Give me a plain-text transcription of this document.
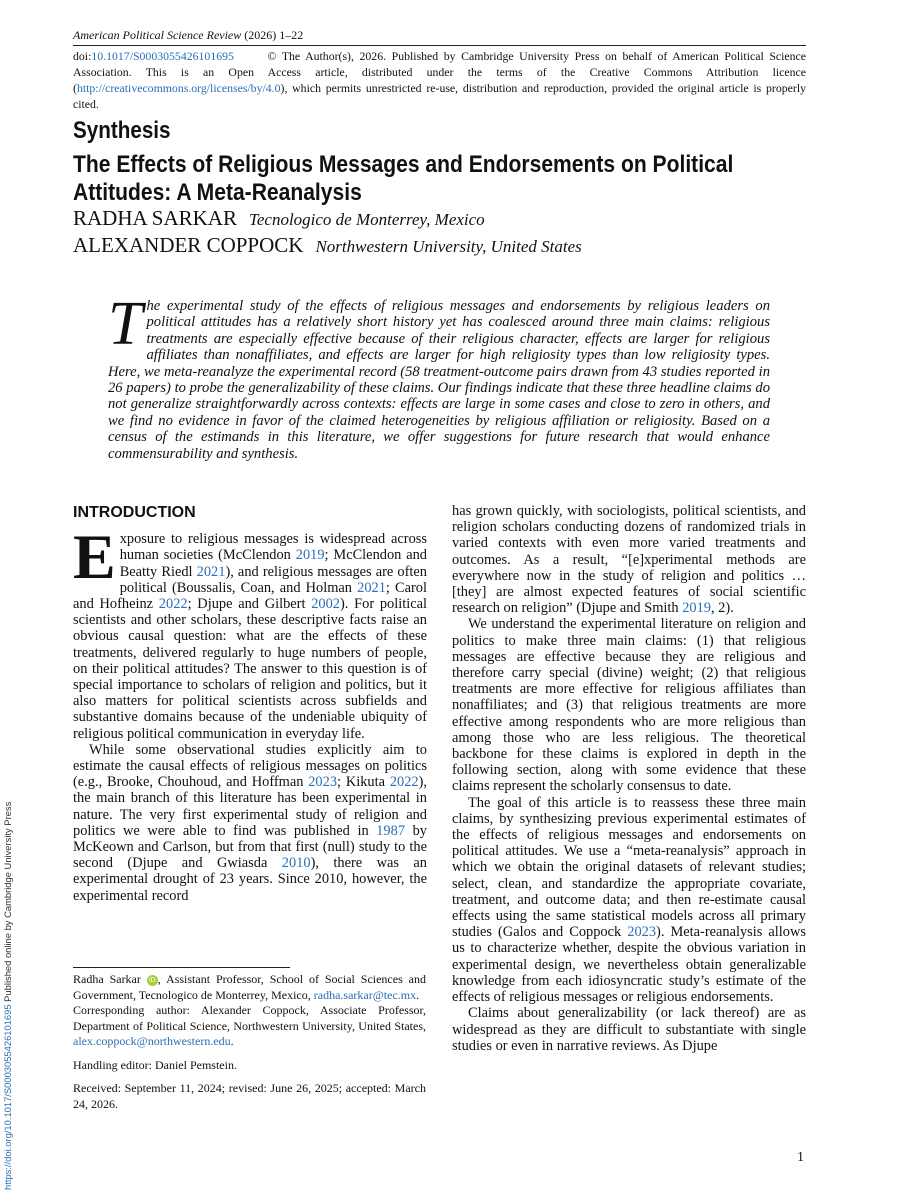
American Political Science Review (2026) 1–22
doi:10.1017/S0003055426101695      © The Author(s), 2026. Published by Cambridge University Press on behalf of American Political Science Association. This is an Open Access article, distributed under the terms of the Creative Commons Attribution licence (http://creativecommons.org/licenses/by/4.0), which permits unrestricted re-use, distribution and reproduction, provided the original article is properly cited.
Synthesis
The Effects of Religious Messages and Endorsements on Political Attitudes: A Meta-Reanalysis
RADHA SARKAR Tecnologico de Monterrey, Mexico
ALEXANDER COPPOCK Northwestern University, United States
The experimental study of the effects of religious messages and endorsements by religious leaders on political attitudes has a relatively short history yet has coalesced around three main claims: religious treatments are especially effective because of their religious character, effects are larger for religious affiliates than nonaffiliates, and effects are larger for high religiosity types than low religiosity types. Here, we meta-reanalyze the experimental record (58 treatment-outcome pairs drawn from 43 studies reported in 26 papers) to probe the generalizability of these claims. Our findings indicate that these three headline claims do not generalize straightforwardly across contexts: effects are large in some cases and close to zero in others, and we find no evidence in favor of the claimed heterogeneities by religious affiliation or religiosity. Based on a census of the estimands in this literature, we offer suggestions for future research that would enhance commensurability and synthesis.
INTRODUCTION

Exposure to religious messages is widespread across human societies (McClendon 2019; McClendon and Beatty Riedl 2021), and religious messages are often political (Boussalis, Coan, and Holman 2021; Carol and Hofheinz 2022; Djupe and Gilbert 2002). For political scientists and other scholars, these descriptive facts raise an obvious causal question: what are the effects of these treatments, delivered regularly to huge numbers of people, on their political attitudes? The answer to this question is of special importance to scholars of religion and politics, but it also matters for political scientists across subfields and substantive domains because of the undeniable ubiquity of religious political communication in everyday life.

While some observational studies explicitly aim to estimate the causal effects of religious messages on politics (e.g., Brooke, Chouhoud, and Hoffman 2023; Kikuta 2022), the main branch of this literature has been experimental in nature. The very first experimental study of religion and politics we were able to find was published in 1987 by McKeown and Carlson, but from that first (null) study to the second (Djupe and Gwiasda 2010), there was an experimental drought of 23 years. Since 2010, however, the experimental record

has grown quickly, with sociologists, political scientists, and religion scholars conducting dozens of randomized trials in varied contexts with even more varied treatments and outcomes. As a result, “[e]xperimental methods are everywhere now in the study of religion and politics … [they] are almost expected features of social scientific research on religion” (Djupe and Smith 2019, 2).

We understand the experimental literature on religion and politics to make three main claims: (1) that religious messages are effective because they are religious and therefore carry special (divine) weight; (2) that religious treatments are more effective for religious affiliates than nonaffiliates; and (3) that religious treatments are more effective among respondents who are more religious than among those who are less religious. The theoretical backbone for these claims is explored in depth in the following section, along with some evidence that these claims represent the scholarly consensus to date.

The goal of this article is to reassess these three main claims, by synthesizing previous experimental estimates of the effects of religious messages and endorsements on political attitudes. We use a “meta-reanalysis” approach in which we obtain the original datasets of relevant studies; select, clean, and standardize the appropriate covariate, treatment, and outcome data; and then re-estimate causal effects using the same statistical models across all primary studies (Galos and Coppock 2023). Meta-reanalysis allows us to characterize whether, despite the obvious variation in experimental design, we nevertheless obtain generalizable knowledge from each idiosyncratic study’s estimate of the effects of religious messages or religious endorsements.

Claims about generalizability (or lack thereof) are as widespread as they are difficult to substantiate with single studies or even in narrative reviews. As Djupe

Radha Sarkar iD , Assistant Professor, School of Social Sciences and Government, Tecnologico de Monterrey, Mexico, radha.sarkar@tec.mx.
Corresponding author: Alexander Coppock, Associate Professor, Department of Political Science, Northwestern University, United States, alex.coppock@northwestern.edu.

Handling editor: Daniel Pemstein.

Received: September 11, 2024; revised: June 26, 2025; accepted: March 24, 2026.

1
https://doi.org/10.1017/S0003055426101695 Published online by Cambridge University Press
